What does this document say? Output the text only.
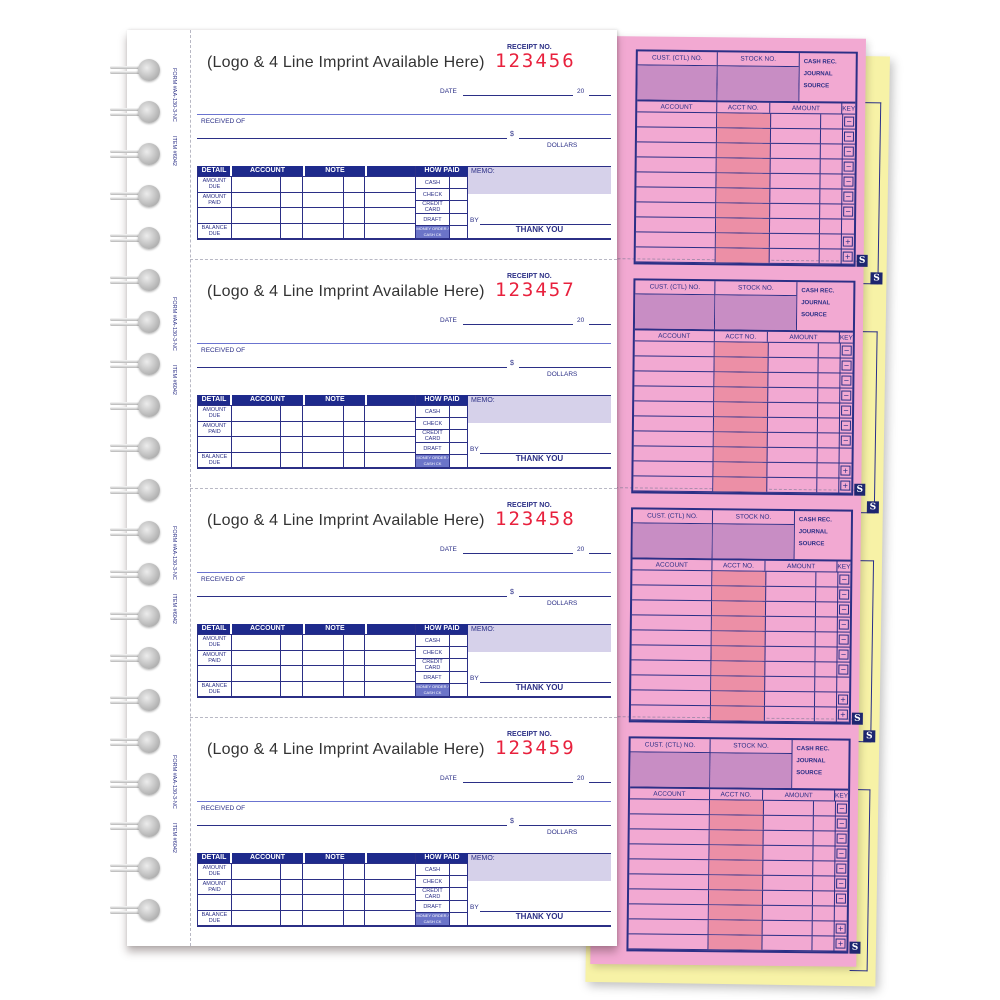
S
S
S
CUST. (CTL) NO.	STOCK NO.	CASH REC.
JOURNAL
SOURCE
ACCOUNT	ACCT NO.	AMOUNT	KEY
−
−
−
−
−
−
−
+
+ S
CUST. (CTL) NO.	STOCK NO.	CASH REC.
JOURNAL
SOURCE
ACCOUNT	ACCT NO.	AMOUNT	KEY
−
−
−
−
−
−
−
+
+ S
CUST. (CTL) NO.	STOCK NO.	CASH REC.
JOURNAL
SOURCE
ACCOUNT	ACCT NO.	AMOUNT	KEY
−
−
−
−
−
−
−
+
+ S
CUST. (CTL) NO.	STOCK NO.	CASH REC.
JOURNAL
SOURCE
ACCOUNT	ACCT NO.	AMOUNT	KEY
−
−
−
−
−
−
−
+
+ S
FORM #AA-130-3-NC
ITEM #6042
(Logo & 4 Line Imprint Available Here)
RECEIPT NO.
123456
DATE	20
RECEIVED OF
$
DOLLARS
DETAIL	ACCOUNT	NOTE
AMOUNT DUE
AMOUNT PAID
BALANCE DUE
HOW PAID
CASH
CHECK
CREDIT CARD
DRAFT
MONEY ORDER / CASH CK
MEMO:
BY
THANK YOU
FORM #AA-130-3-NC
ITEM #6042
(Logo & 4 Line Imprint Available Here)
RECEIPT NO.
123457
DATE	20
RECEIVED OF
$
DOLLARS
DETAIL	ACCOUNT	NOTE
AMOUNT DUE
AMOUNT PAID
BALANCE DUE
HOW PAID
CASH
CHECK
CREDIT CARD
DRAFT
MONEY ORDER / CASH CK
MEMO:
BY
THANK YOU
FORM #AA-130-3-NC
ITEM #6042
(Logo & 4 Line Imprint Available Here)
RECEIPT NO.
123458
DATE	20
RECEIVED OF
$
DOLLARS
DETAIL	ACCOUNT	NOTE
AMOUNT DUE
AMOUNT PAID
BALANCE DUE
HOW PAID
CASH
CHECK
CREDIT CARD
DRAFT
MONEY ORDER / CASH CK
MEMO:
BY
THANK YOU
FORM #AA-130-3-NC
ITEM #6042
(Logo & 4 Line Imprint Available Here)
RECEIPT NO.
123459
DATE	20
RECEIVED OF
$
DOLLARS
DETAIL	ACCOUNT	NOTE
AMOUNT DUE
AMOUNT PAID
BALANCE DUE
HOW PAID
CASH
CHECK
CREDIT CARD
DRAFT
MONEY ORDER / CASH CK
MEMO:
BY
THANK YOU
